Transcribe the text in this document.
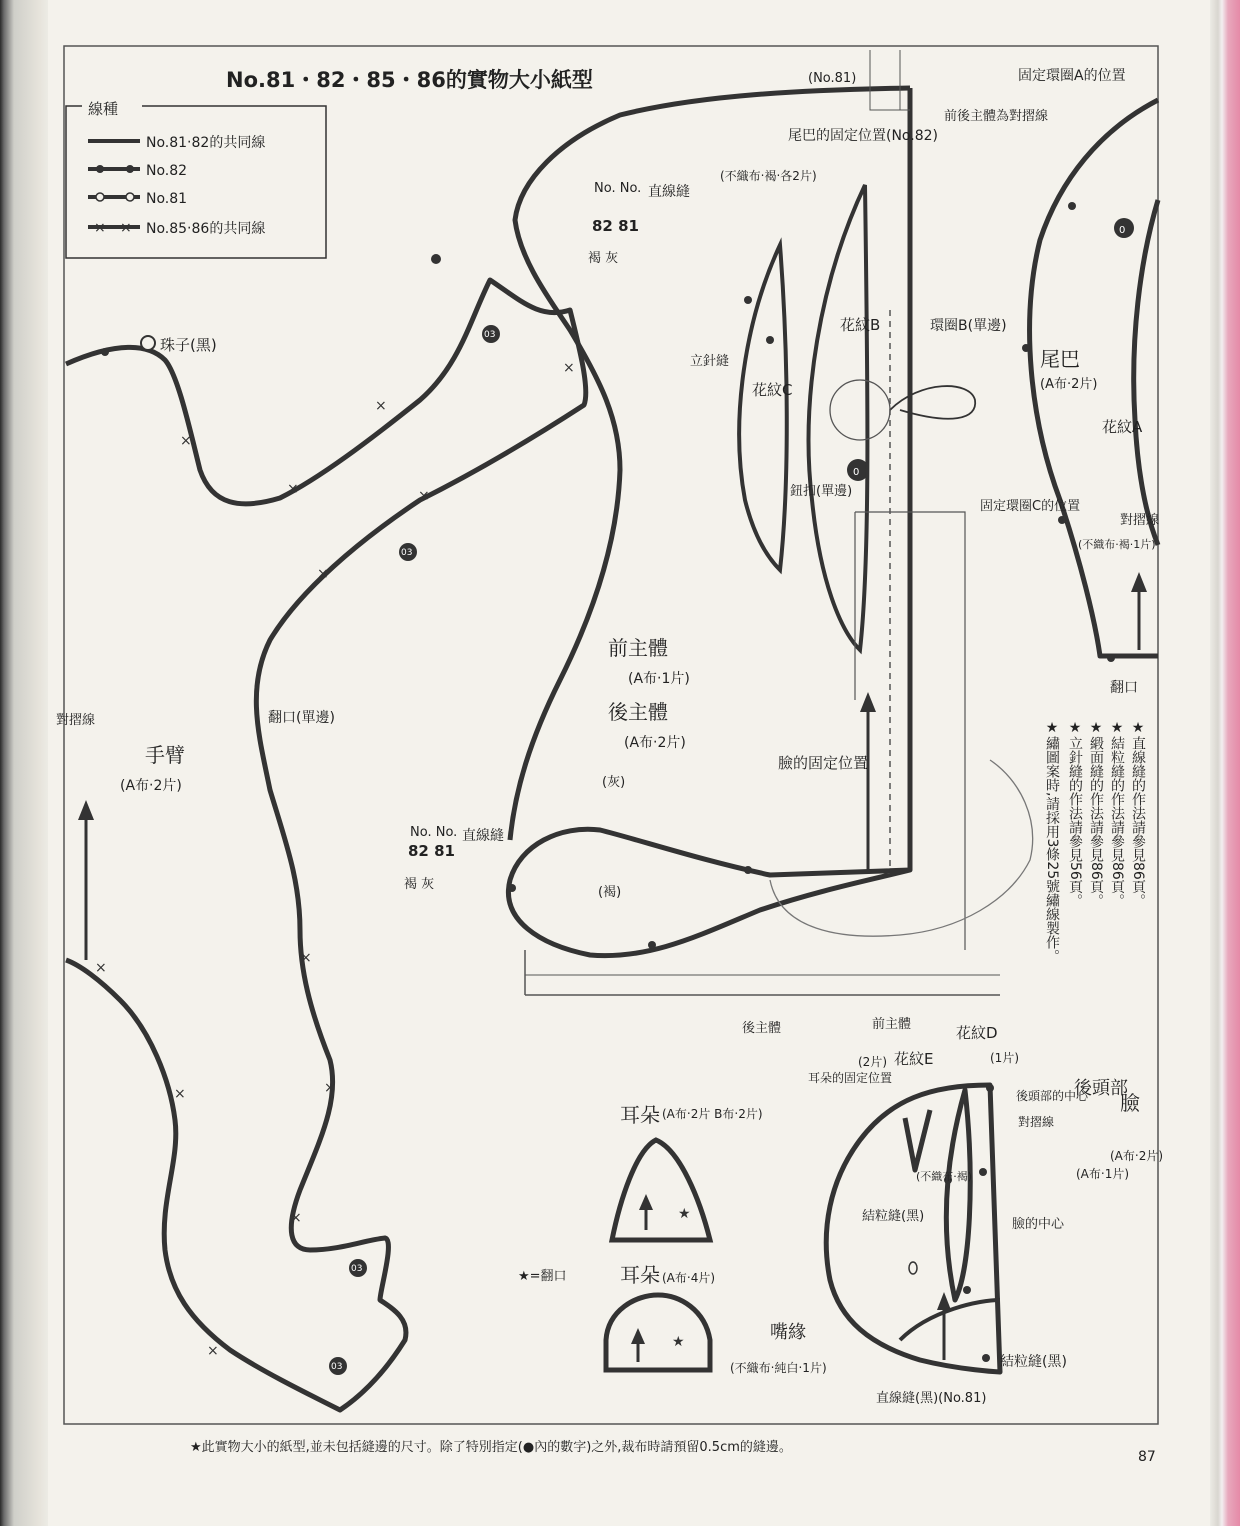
No.81・82・85・86的實物大小紙型
線種
No.81‧82的共同線
No.82
No.81
× × No.85‧86的共同線
03
03
03
03
×
×
×	×
×
×
×
×
×
×
×
×
0
0
★
★
(No.81)
珠子(黑)
手臂
(A布‧2片)
前主體
(A布‧1片)
後主體
(A布‧2片)
臉的固定位置
(灰)
(褐)
尾巴的固定位置(No.82)
No. No.
82 81
褐 灰
直線縫
No. No.
82 81
褐 灰
直線縫
(不織布‧褐‧各2片)
花紋B
花紋C
立針縫
鈕扣(單邊)
環圈B(單邊)
固定環圈C的位置
固定環圈A的位置
前後主體為對摺線
尾巴
(A布‧2片)
花紋A
(不織布‧褐‧1片)
對摺線
翻口
翻口(單邊)
對摺線
後主體	前主體
耳朵的固定位置
花紋E
(2片)
花紋D
(1片)
後頭部的中心
對摺線
後頭部
(A布‧1片)
臉
(A布‧2片)
耳朵 (A布‧2片 B布‧2片)
耳朵 (A布‧4片)
★=翻口
嘴緣
(不織布‧純白‧1片)
結粒縫(黑)
結粒縫(黑)
(不織布‧褐)
臉的中心
直線縫(黑)(No.81)
★直線縫的作法請參見86頁。
★結粒縫的作法請參見86頁。
★緞面縫的作法請參見86頁。
★立針縫的作法請參見56頁。
★繡圖案時,請採用3條25號繡線製作。
★此實物大小的紙型,並未包括縫邊的尺寸。除了特別指定(●內的數字)之外,裁布時請預留0.5cm的縫邊。
87
